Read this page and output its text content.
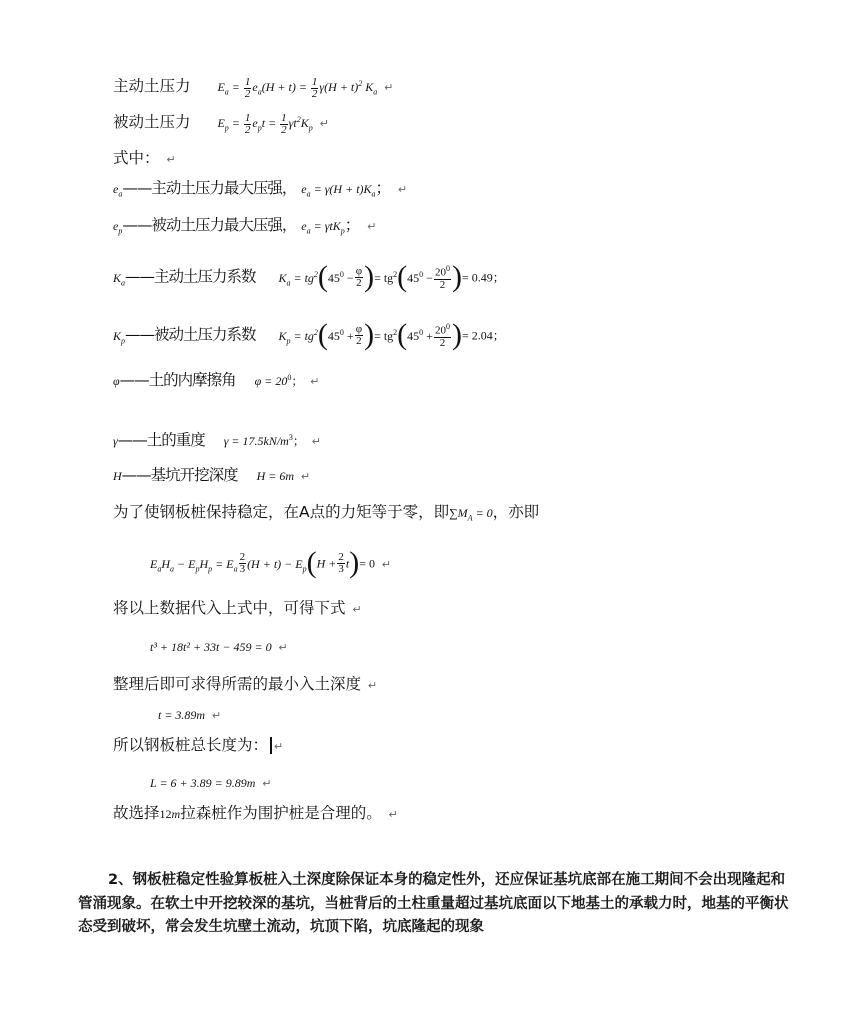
主动土压力 $E_a = \frac{1}{2} e_a(H + t) = \frac{1}{2} \gamma(H + t)^2$ $K_a$ ↵
被动土压力 $E_p = \frac{1}{2} e_pt = \frac{1}{2} \gamma t^2K_p$ ↵
式中： ↵
$e_a——$主动土压力最大压强， $e_a = \gamma(H + t)K_a$； ↵
$e_p——$被动土压力最大压强， $e_a = \gamma tK_p$； ↵
$K_a——$主动土压力系数 $K_a = tg^2(45^0 - \frac{\varphi}{2}$ )= $tg^2(45^0 - \frac{20^0}{2}$ )= 0.49；
$K_p——$被动土压力系数 $K_p = tg^2(45^0 + \frac{\varphi}{2}$ )= $tg^2(45^0 + \frac{20^0}{2}$ )= 2.04；
φ——土的内摩擦角 $\varphi = 20^0$； ↵
γ——土的重度 $\gamma = 17.5kN/m^3$； ↵
H——基坑开挖深度 H = 6m ↵
为了使钢板桩保持稳定，在A点的力矩等于零，即$\sum M_A = 0$，亦即
$E_aH_a - E_pH_p = E_a \frac{2}{3} (H + t) - E_p(H + \frac{2}{3} t)= 0$ ↵
将以上数据代入上式中，可得下式 ↵
t³ + 18t² + 33t − 459 = 0 ↵
整理后即可求得所需的最小入土深度 ↵
t = 3.89m ↵
所以钢板桩总长度为： ↵
L = 6 + 3.89 = 9.89m ↵
故选择12m拉森桩作为围护桩是合理的。 ↵
2、钢板桩稳定性验算板桩入土深度除保证本身的稳定性外，还应保证基坑底部在施工期间不会出现隆起和管涌现象。在软土中开挖较深的基坑，当桩背后的土柱重量超过基坑底面以下地基土的承载力时，地基的平衡状态受到破坏，常会发生坑壁土流动，坑顶下陷，坑底隆起的现象
